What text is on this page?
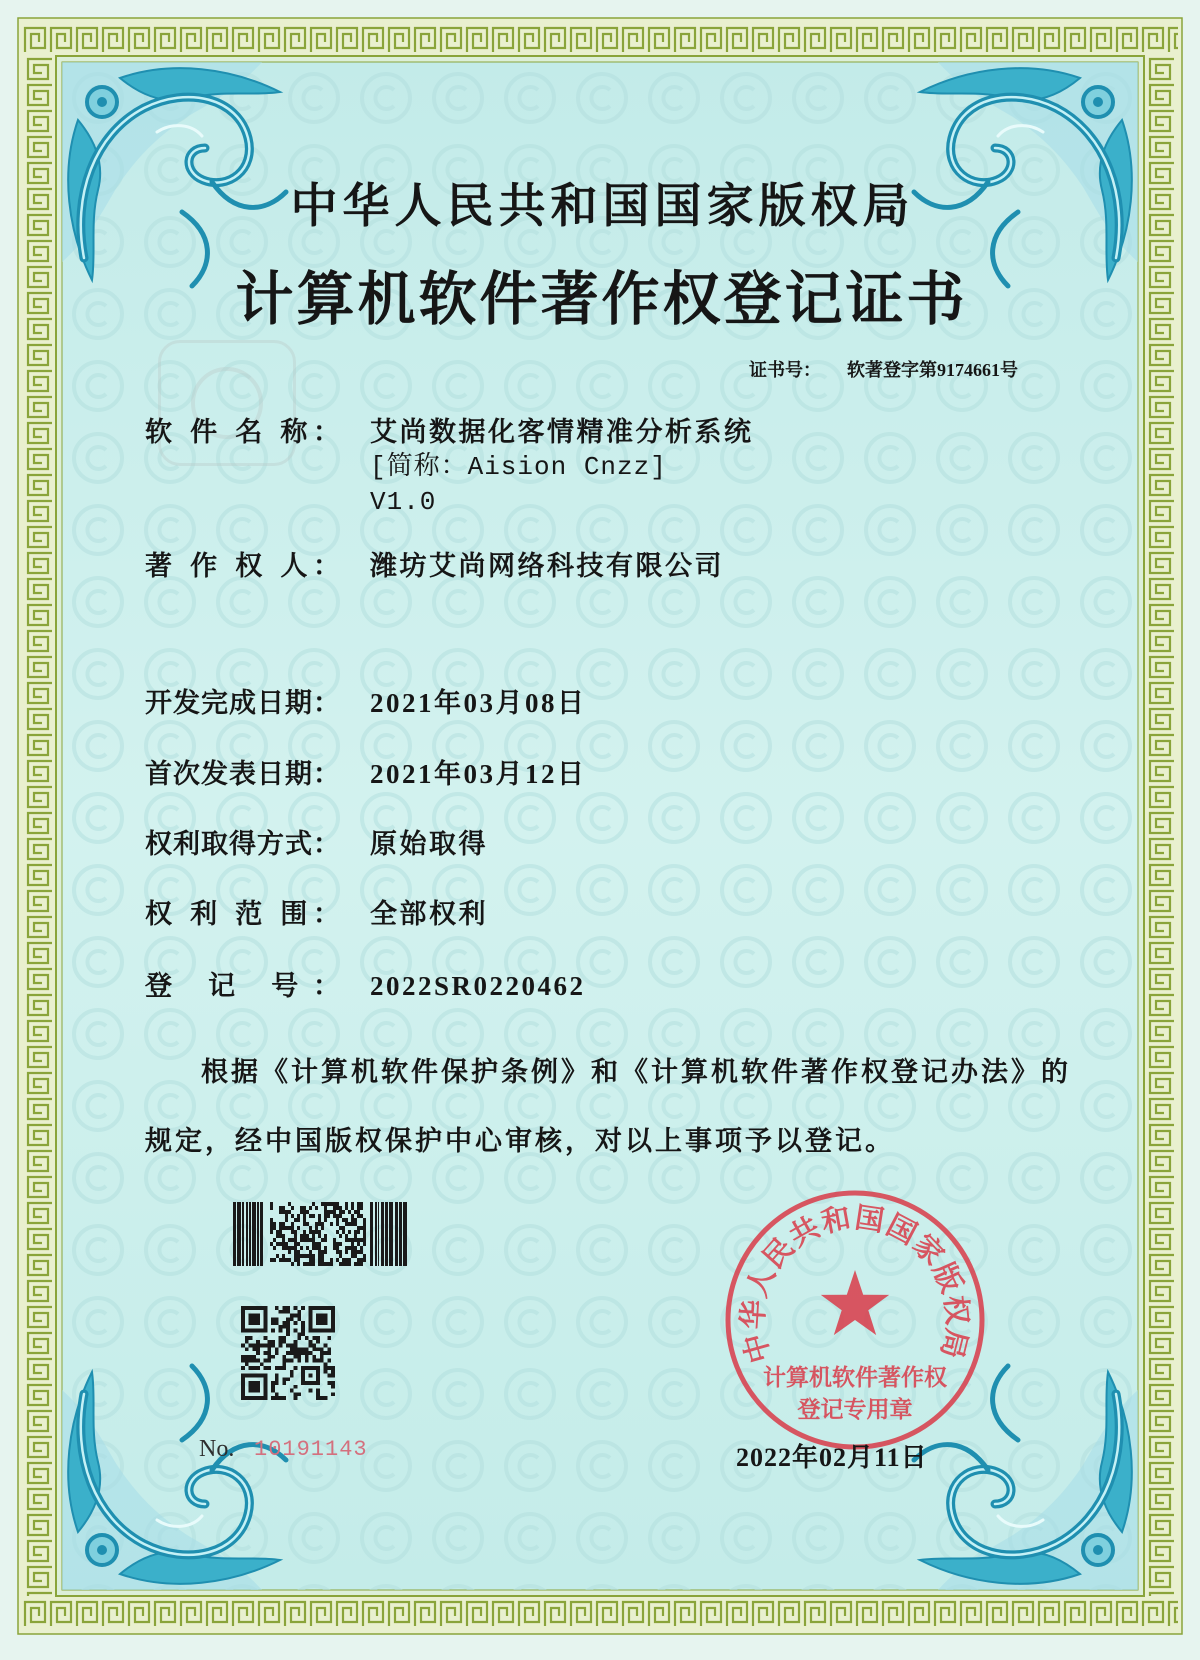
中华人民共和国国家版权局
计算机软件著作权登记证书
证书号： 软著登字第9174661号
软 件 名 称： 艾尚数据化客情精准分析系统
[简称：Aision Cnzz]
V1.0
著 作 权 人： 潍坊艾尚网络科技有限公司
开发完成日期： 2021年03月08日
首次发表日期： 2021年03月12日
权利取得方式： 原始取得
权 利 范 围： 全部权利
登 记 号： 2022SR0220462
根据《计算机软件保护条例》和《计算机软件著作权登记办法》的
规定，经中国版权保护中心审核，对以上事项予以登记。
No. 10191143
中华人民共和国国家版权局
计算机软件著作权
登记专用章
2022年02月11日
